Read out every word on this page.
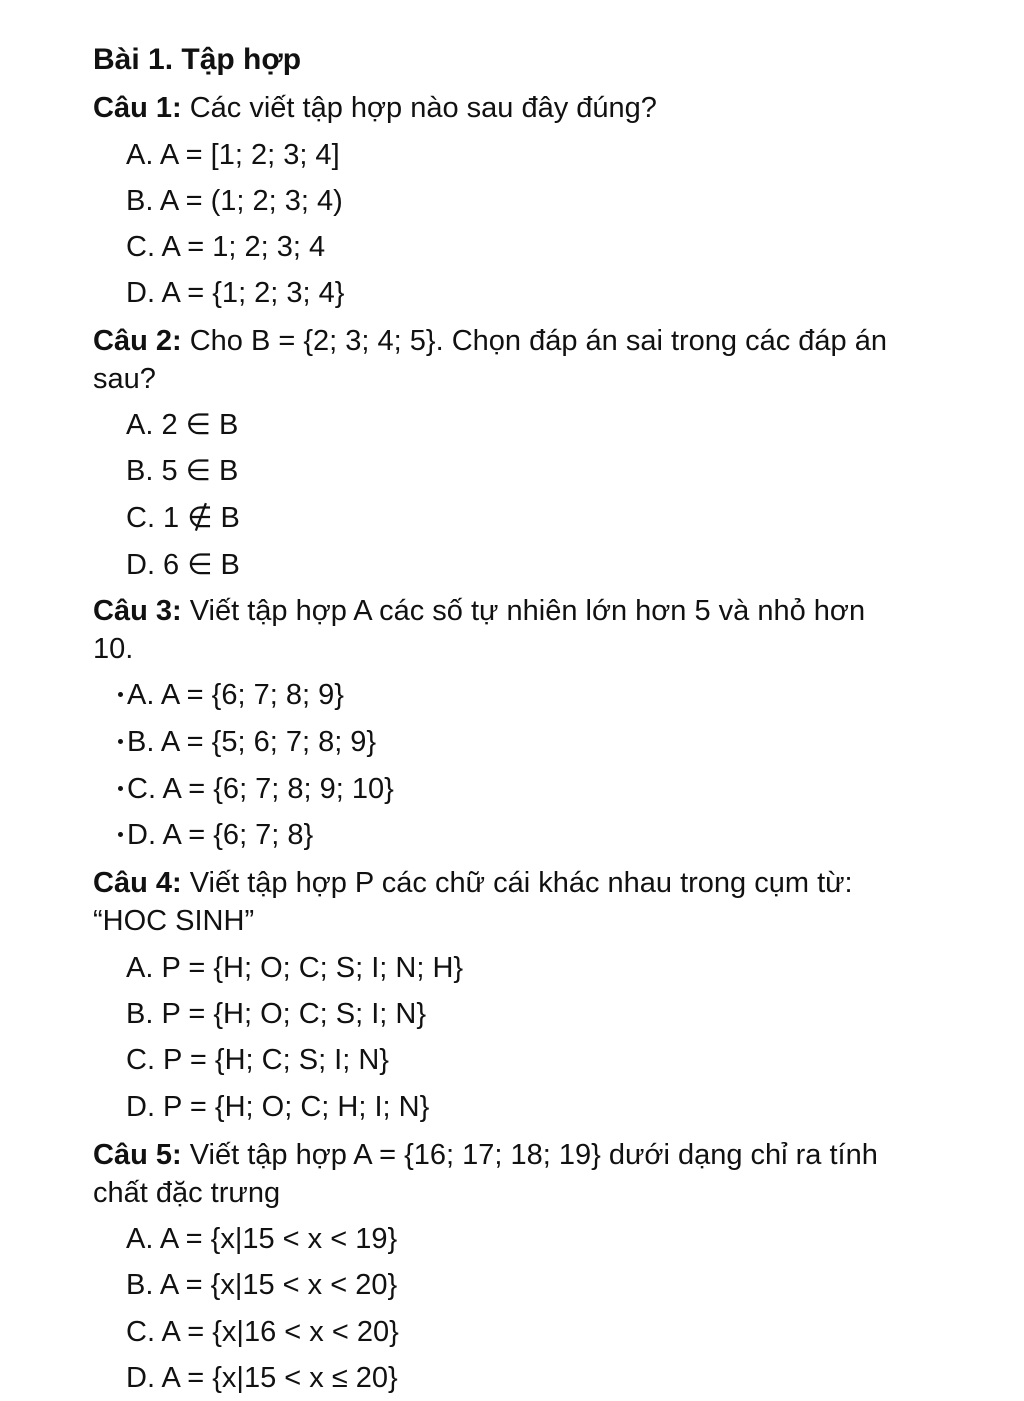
Bài 1. Tập hợp
Câu 1: Các viết tập hợp nào sau đây đúng?
A. A = [1; 2; 3; 4]
B. A = (1; 2; 3; 4)
C. A = 1; 2; 3; 4
D. A = {1; 2; 3; 4}
Câu 2: Cho B = {2; 3; 4; 5}. Chọn đáp án sai trong các đáp án sau?
A. 2 ∈ B
B. 5 ∈ B
C. 1 ∉ B
D. 6 ∈ B
Câu 3: Viết tập hợp A các số tự nhiên lớn hơn 5 và nhỏ hơn 10.
A. A = {6; 7; 8; 9}
B. A = {5; 6; 7; 8; 9}
C. A = {6; 7; 8; 9; 10}
D. A = {6; 7; 8}
Câu 4: Viết tập hợp P các chữ cái khác nhau trong cụm từ: “HOC SINH”
A. P = {H; O; C; S; I; N; H}
B. P = {H; O; C; S; I; N}
C. P = {H; C; S; I; N}
D. P = {H; O; C; H; I; N}
Câu 5: Viết tập hợp A = {16; 17; 18; 19} dưới dạng chỉ ra tính chất đặc trưng
A. A = {x|15 < x < 19}
B. A = {x|15 < x < 20}
C. A = {x|16 < x < 20}
D. A = {x|15 < x ≤ 20}
